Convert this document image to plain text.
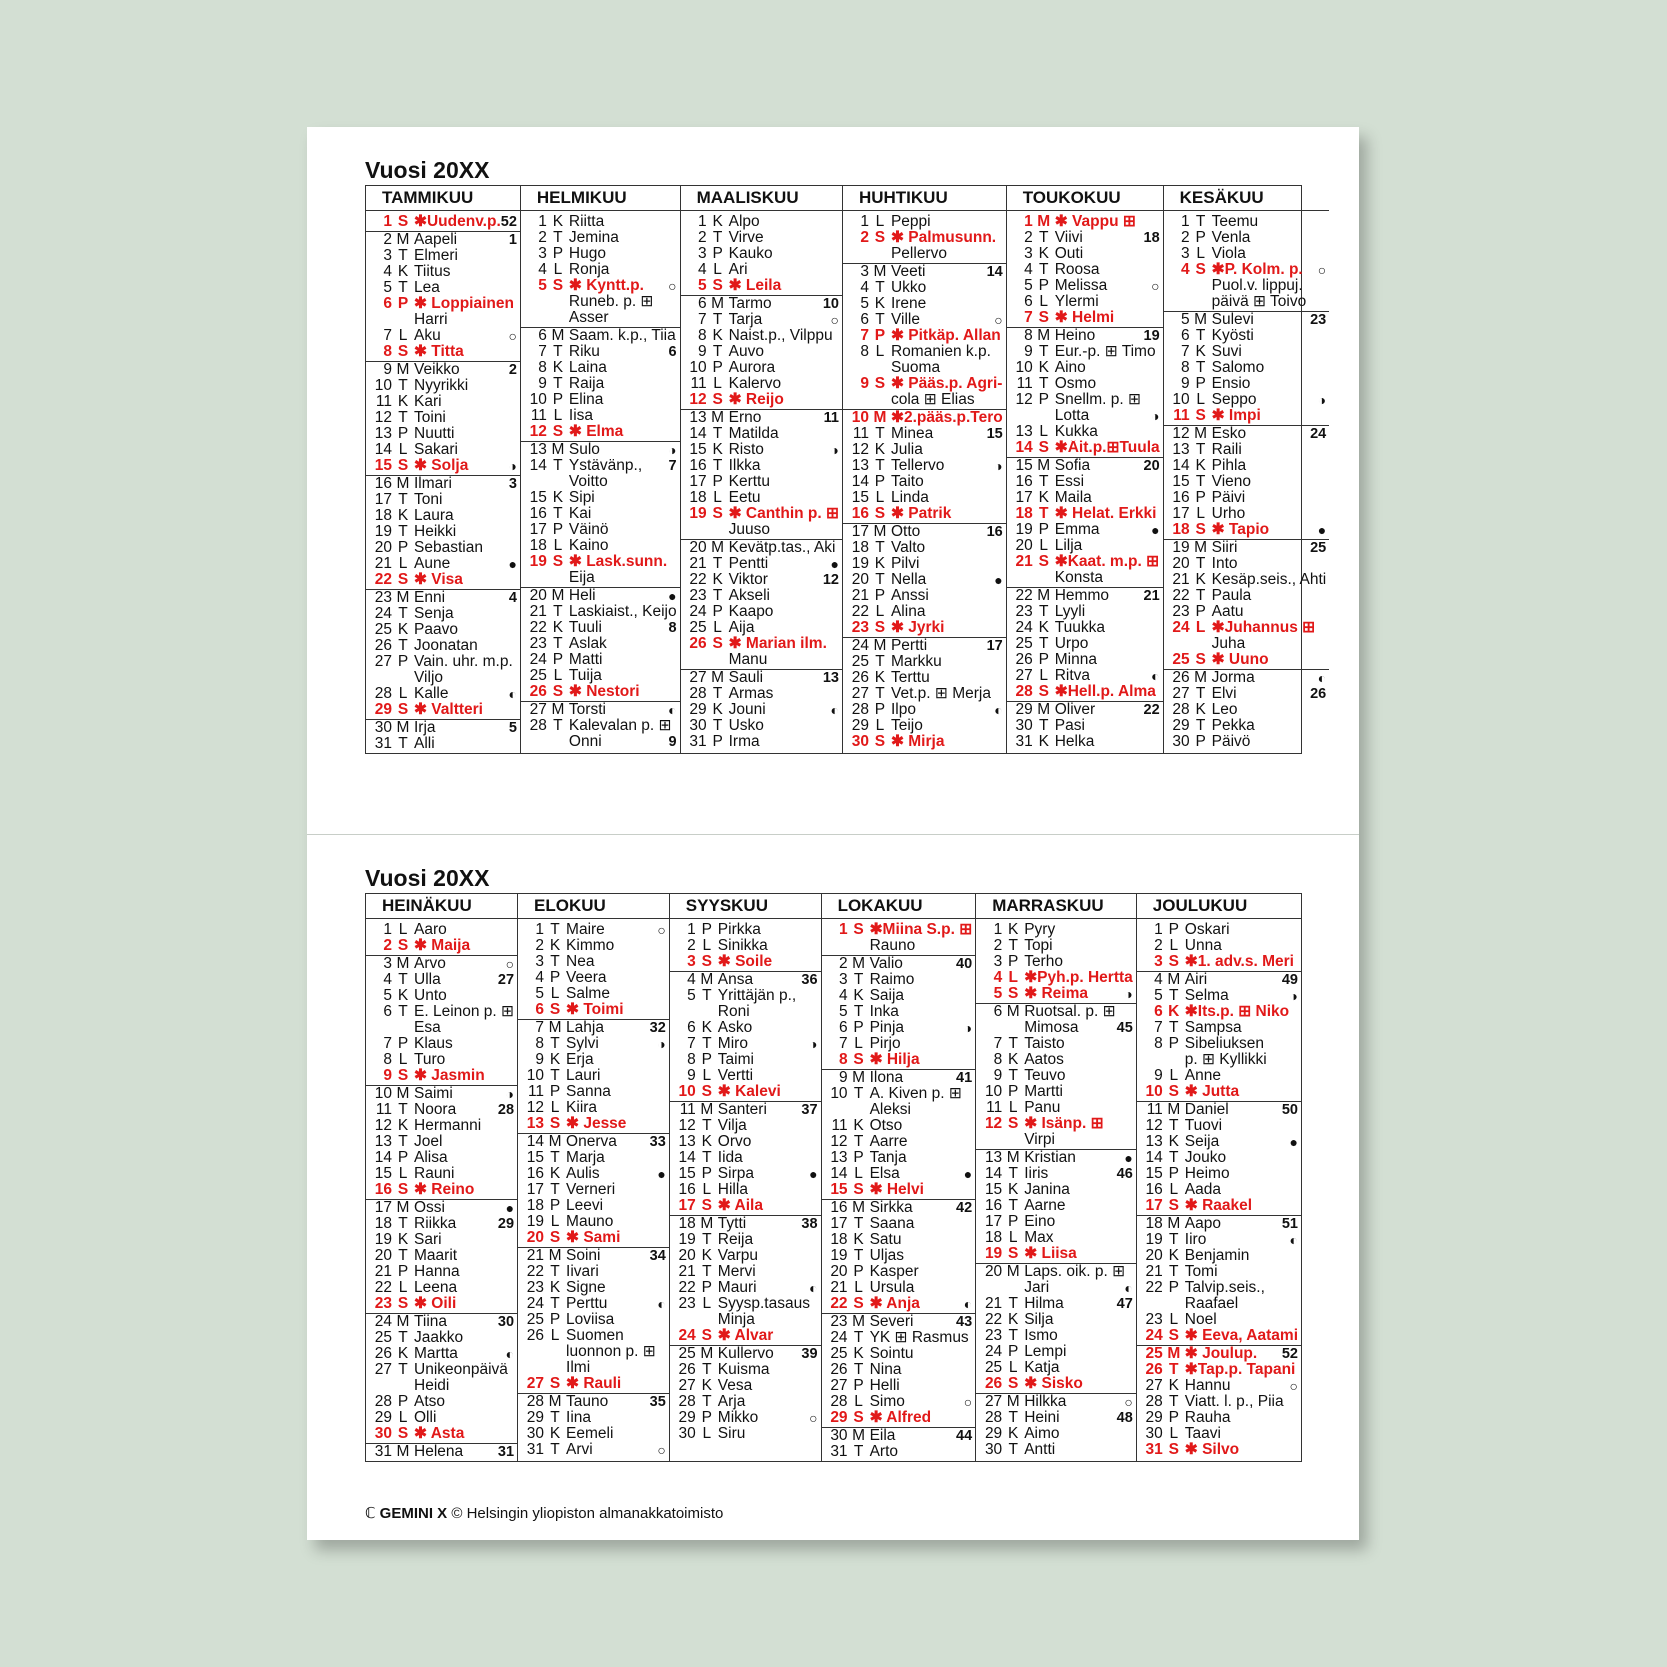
Vuosi 20XX
TAMMIKUU
1 S ✱Uudenv.p. 52
2 M Aapeli	1
3 T Elmeri
4 K Tiitus
5 T Lea
6 P ✱ Loppiainen
Harri
7 L Aku	○
8 S ✱ Titta
9 M Veikko	2
10 T Nyyrikki
11 K Kari
12 T Toini
13 P Nuutti
14 L Sakari
15 S ✱ Solja	◑
16 M Ilmari	3
17 T Toni
18 K Laura
19 T Heikki
20 P Sebastian
21 L Aune	●
22 S ✱ Visa
23 M Enni	4
24 T Senja
25 K Paavo
26 T Joonatan
27 P Vain. uhr. m.p.
Viljo
28 L Kalle	◐
29 S ✱ Valtteri
30 M Irja	5
31 T Alli
HELMIKUU
1 K Riitta
2 T Jemina
3 P Hugo
4 L Ronja
5 S ✱ Kyntt.p.	○
Runeb. p. ⊞
Asser
6 M Saam. k.p., Tiia
7 T Riku	6
8 K Laina
9 T Raija
10 P Elina
11 L Iisa
12 S ✱ Elma
13 M Sulo	◑
14 T Ystävänp.,	7
Voitto
15 K Sipi
16 T Kai
17 P Väinö
18 L Kaino
19 S ✱ Lask.sunn.
Eija
20 M Heli	●
21 T Laskiaist., Keijo
22 K Tuuli	8
23 T Aslak
24 P Matti
25 L Tuija
26 S ✱ Nestori
27 M Torsti	◐
28 T Kalevalan p. ⊞
Onni	9
MAALISKUU
1 K Alpo
2 T Virve
3 P Kauko
4 L Ari
5 S ✱ Leila
6 M Tarmo	10
7 T Tarja	○
8 K Naist.p., Vilppu
9 T Auvo
10 P Aurora
11 L Kalervo
12 S ✱ Reijo
13 M Erno	11
14 T Matilda
15 K Risto	◑
16 T Ilkka
17 P Kerttu
18 L Eetu
19 S ✱ Canthin p. ⊞
Juuso
20 M Kevätp.tas., Aki
21 T Pentti	●
22 K Viktor	12
23 T Akseli
24 P Kaapo
25 L Aija
26 S ✱ Marian ilm.
Manu
27 M Sauli	13
28 T Armas
29 K Jouni	◐
30 T Usko
31 P Irma
HUHTIKUU
1 L Peppi
2 S ✱ Palmusunn.
Pellervo
3 M Veeti	14
4 T Ukko
5 K Irene
6 T Ville	○
7 P ✱ Pitkäp. Allan
8 L Romanien k.p.
Suoma
9 S ✱ Pääs.p. Agri-
cola ⊞ Elias
10 M ✱2.pääs.p.Tero
11 T Minea	15
12 K Julia
13 T Tellervo	◑
14 P Taito
15 L Linda
16 S ✱ Patrik
17 M Otto	16
18 T Valto
19 K Pilvi
20 T Nella	●
21 P Anssi
22 L Alina
23 S ✱ Jyrki
24 M Pertti	17
25 T Markku
26 K Terttu
27 T Vet.p. ⊞ Merja
28 P Ilpo	◐
29 L Teijo
30 S ✱ Mirja
TOUKOKUU
1 M ✱ Vappu ⊞
2 T Viivi	18
3 K Outi
4 T Roosa
5 P Melissa	○
6 L Ylermi
7 S ✱ Helmi
8 M Heino	19
9 T Eur.-p. ⊞ Timo
10 K Aino
11 T Osmo
12 P Snellm. p. ⊞
Lotta	◑
13 L Kukka
14 S ✱Äit.p.⊞Tuula
15 M Sofia	20
16 T Essi
17 K Maila
18 T ✱ Helat. Erkki
19 P Emma	●
20 L Lilja
21 S ✱Kaat. m.p. ⊞
Konsta
22 M Hemmo	21
23 T Lyyli
24 K Tuukka
25 T Urpo
26 P Minna
27 L Ritva	◐
28 S ✱Hell.p. Alma
29 M Oliver	22
30 T Pasi
31 K Helka
KESÄKUU
1 T Teemu
2 P Venla
3 L Viola
4 S ✱P. Kolm. p.	○
Puol.v. lippuj.
päivä ⊞ Toivo
5 M Sulevi	23
6 T Kyösti
7 K Suvi
8 T Salomo
9 P Ensio
10 L Seppo	◑
11 S ✱ Impi
12 M Esko	24
13 T Raili
14 K Pihla
15 T Vieno
16 P Päivi
17 L Urho
18 S ✱ Tapio	●
19 M Siiri	25
20 T Into
21 K Kesäp.seis., Ahti
22 T Paula
23 P Aatu
24 L ✱Juhannus ⊞
Juha
25 S ✱ Uuno
26 M Jorma	◐
27 T Elvi	26
28 K Leo
29 T Pekka
30 P Päivö
Vuosi 20XX
HEINÄKUU
1 L Aaro
2 S ✱ Maija
3 M Arvo	○
4 T Ulla	27
5 K Unto
6 T E. Leinon p. ⊞
Esa
7 P Klaus
8 L Turo
9 S ✱ Jasmin
10 M Saimi	◑
11 T Noora	28
12 K Hermanni
13 T Joel
14 P Alisa
15 L Rauni
16 S ✱ Reino
17 M Ossi	●
18 T Riikka	29
19 K Sari
20 T Maarit
21 P Hanna
22 L Leena
23 S ✱ Oili
24 M Tiina	30
25 T Jaakko
26 K Martta	◐
27 T Unikeonpäivä
Heidi
28 P Atso
29 L Olli
30 S ✱ Asta
31 M Helena	31
ELOKUU
1 T Maire	○
2 K Kimmo
3 T Nea
4 P Veera
5 L Salme
6 S ✱ Toimi
7 M Lahja	32
8 T Sylvi	◑
9 K Erja
10 T Lauri
11 P Sanna
12 L Kiira
13 S ✱ Jesse
14 M Onerva	33
15 T Marja
16 K Aulis	●
17 T Verneri
18 P Leevi
19 L Mauno
20 S ✱ Sami
21 M Soini	34
22 T Iivari
23 K Signe
24 T Perttu	◐
25 P Loviisa
26 L Suomen
luonnon p. ⊞
Ilmi
27 S ✱ Rauli
28 M Tauno	35
29 T Iina
30 K Eemeli
31 T Arvi	○
SYYSKUU
1 P Pirkka
2 L Sinikka
3 S ✱ Soile
4 M Ansa	36
5 T Yrittäjän p.,
Roni
6 K Asko
7 T Miro	◑
8 P Taimi
9 L Vertti
10 S ✱ Kalevi
11 M Santeri	37
12 T Vilja
13 K Orvo
14 T Iida
15 P Sirpa	●
16 L Hilla
17 S ✱ Aila
18 M Tytti	38
19 T Reija
20 K Varpu
21 T Mervi
22 P Mauri	◐
23 L Syysp.tasaus
Minja
24 S ✱ Alvar
25 M Kullervo	39
26 T Kuisma
27 K Vesa
28 T Arja
29 P Mikko	○
30 L Siru
LOKAKUU
1 S ✱Miina S.p. ⊞
Rauno
2 M Valio	40
3 T Raimo
4 K Saija
5 T Inka
6 P Pinja	◑
7 L Pirjo
8 S ✱ Hilja
9 M Ilona	41
10 T A. Kiven p. ⊞
Aleksi
11 K Otso
12 T Aarre
13 P Tanja
14 L Elsa	●
15 S ✱ Helvi
16 M Sirkka	42
17 T Saana
18 K Satu
19 T Uljas
20 P Kasper
21 L Ursula
22 S ✱ Anja	◐
23 M Severi	43
24 T YK ⊞ Rasmus
25 K Sointu
26 T Nina
27 P Helli
28 L Simo	○
29 S ✱ Alfred
30 M Eila	44
31 T Arto
MARRASKUU
1 K Pyry
2 T Topi
3 P Terho
4 L ✱Pyh.p. Hertta
5 S ✱ Reima	◑
6 M Ruotsal. p. ⊞
Mimosa	45
7 T Taisto
8 K Aatos
9 T Teuvo
10 P Martti
11 L Panu
12 S ✱ Isänp. ⊞
Virpi
13 M Kristian	●
14 T Iiris	46
15 K Janina
16 T Aarne
17 P Eino
18 L Max
19 S ✱ Liisa
20 M Laps. oik. p. ⊞
Jari	◐
21 T Hilma	47
22 K Silja
23 T Ismo
24 P Lempi
25 L Katja
26 S ✱ Sisko
27 M Hilkka	○
28 T Heini	48
29 K Aimo
30 T Antti
JOULUKUU
1 P Oskari
2 L Unna
3 S ✱1. adv.s. Meri
4 M Airi	49
5 T Selma	◑
6 K ✱Its.p. ⊞ Niko
7 T Sampsa
8 P Sibeliuksen
p. ⊞ Kyllikki
9 L Anne
10 S ✱ Jutta
11 M Daniel	50
12 T Tuovi
13 K Seija	●
14 T Jouko
15 P Heimo
16 L Aada
17 S ✱ Raakel
18 M Aapo	51
19 T Iiro	◐
20 K Benjamin
21 T Tomi
22 P Talvip.seis.,
Raafael
23 L Noel
24 S ✱ Eeva, Aatami
25 M ✱ Joulup.	52
26 T ✱Tap.p. Tapani
27 K Hannu	○
28 T Viatt. l. p., Piia
29 P Rauha
30 L Taavi
31 S ✱ Silvo
ℂ GEMINI X © Helsingin yliopiston almanakkatoimisto
